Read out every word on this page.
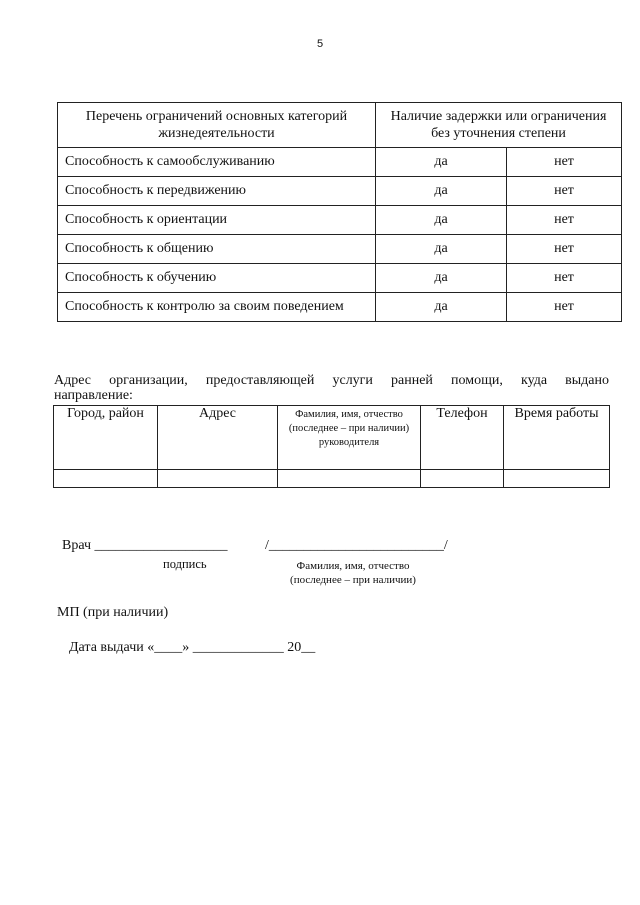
5
Перечень ограничений основных категорий жизнедеятельности	Наличие задержки или ограничения без уточнения степени	
Способность к самообслуживанию	да	нет
Способность к передвижению	да	нет
Способность к ориентации	да	нет
Способность к общению	да	нет
Способность к обучению	да	нет
Способность к контролю за своим поведением	да	нет
Адрес организации, предоставляющей услуги ранней помощи, куда выдано
направление:
Город, район	Адрес	Фамилия, имя, отчество (последнее – при наличии) руководителя	Телефон	Время работы

Врач ___________________	/_________________________/
подпись	Фамилия, имя, отчество
(последнее – при наличии)
МП (при наличии)
Дата выдачи «____» _____________ 20__
